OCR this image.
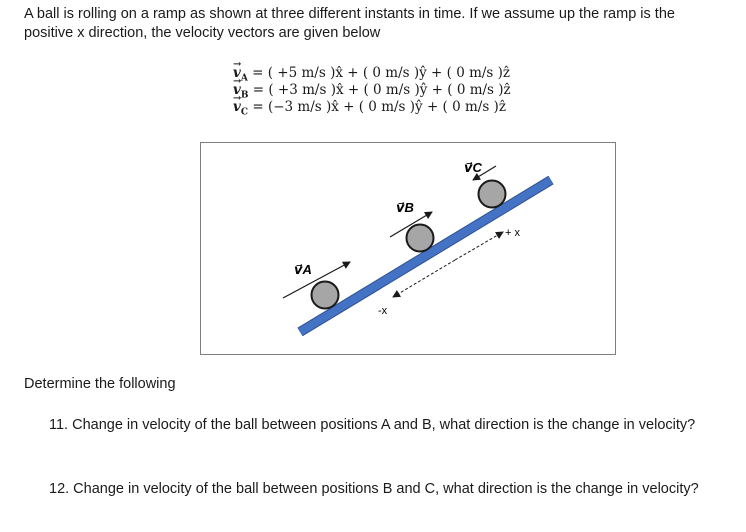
A ball is rolling on a ramp as shown at three different instants in time. If we assume up the ramp is the
positive x direction, the velocity vectors are given below
→ $v_A$ = ( +5 m/s )x̂ + ( 0 m/s )ŷ + ( 0 m/s )ẑ
→ $v_B$ = ( +3 m/s )x̂ + ( 0 m/s )ŷ + ( 0 m/s )ẑ
→ $v_C = (-3$ m/s )x̂ + ( 0 m/s )ŷ + ( 0 m/s )ẑ
v⃗A
v⃗B
v⃗C
+ x
-x
Determine the following
11. Change in velocity of the ball between positions A and B, what direction is the change in velocity?
12. Change in velocity of the ball between positions B and C, what direction is the change in velocity?
